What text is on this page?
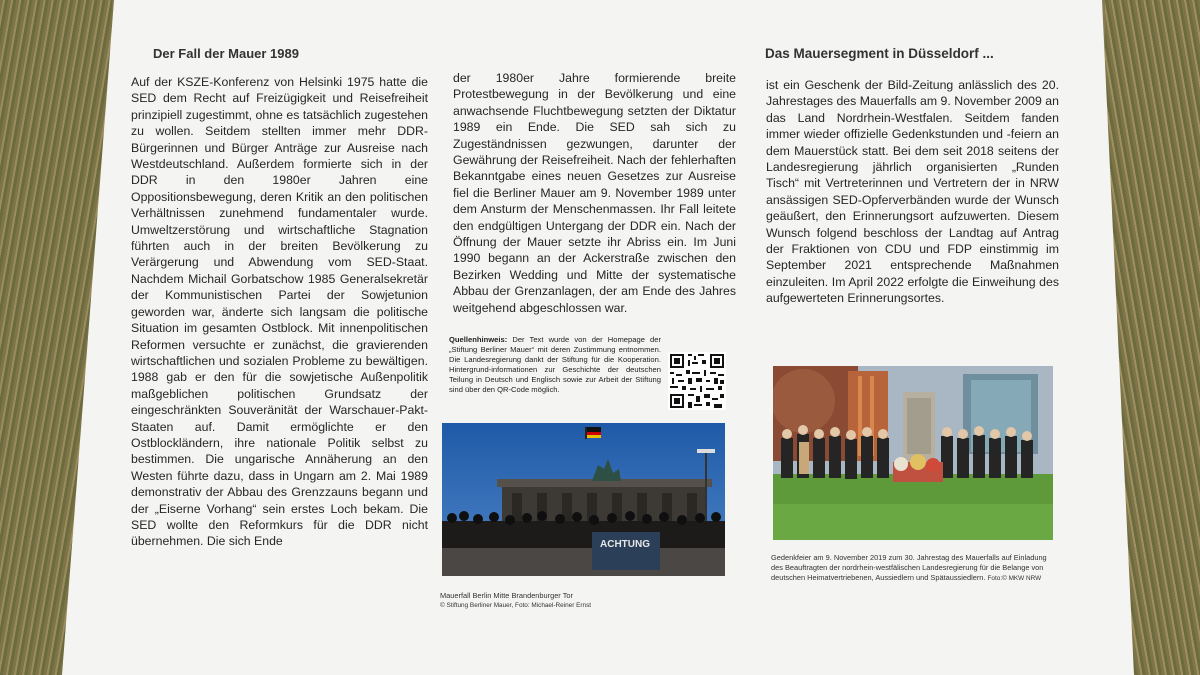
Der Fall der Mauer 1989

Auf der KSZE-Konferenz von Helsinki 1975 hatte die SED dem Recht auf Freizügigkeit und Reisefreiheit prinzipiell zugestimmt, ohne es tatsächlich zugestehen zu wollen. Seitdem stellten immer mehr DDR-Bürgerinnen und Bürger Anträge zur Ausreise nach Westdeutschland. Außerdem formierte sich in der DDR in den 1980er Jahren eine Oppositionsbewegung, deren Kritik an den politischen Verhältnissen zunehmend fundamentaler wurde. Umweltzerstörung und wirtschaftliche Stagnation führten auch in der breiten Bevölkerung zu Verärgerung und Abwendung vom SED-Staat. Nachdem Michail Gorbatschow 1985 Generalsekretär der Kommunistischen Partei der Sowjetunion geworden war, änderte sich langsam die politische Situation im gesamten Ostblock. Mit innenpolitischen Reformen versuchte er zunächst, die gravierenden wirtschaftlichen und sozialen Probleme zu bewältigen. 1988 gab er den für die sowjetische Außenpolitik maßgeblichen politischen Grundsatz der eingeschränkten Souveränität der Warschauer-Pakt-Staaten auf. Damit ermöglichte er den Ostblockländern, ihre nationale Politik selbst zu bestimmen. Die ungarische Annäherung an den Westen führte dazu, dass in Ungarn am 2. Mai 1989 demonstrativ der Abbau des Grenzzauns begann und der „Eiserne Vorhang“ sein erstes Loch bekam. Die SED wollte den Reformkurs für die DDR nicht übernehmen. Die sich Ende

der 1980er Jahre formierende breite Protestbewegung in der Bevölkerung und eine anwachsende Fluchtbewegung setzten der Diktatur 1989 ein Ende. Die SED sah sich zu Zugeständnissen gezwungen, darunter der Gewährung der Reisefreiheit. Nach der fehlerhaften Bekanntgabe eines neuen Gesetzes zur Ausreise fiel die Berliner Mauer am 9. November 1989 unter dem Ansturm der Menschenmassen. Ihr Fall leitete den endgültigen Untergang der DDR ein. Nach der Öffnung der Mauer setzte ihr Abriss ein. Im Juni 1990 begann an der Ackerstraße zwischen den Bezirken Wedding und Mitte der systematische Abbau der Grenzanlagen, der am Ende des Jahres weitgehend abgeschlossen war.

Quellenhinweis: Der Text wurde von der Homepage der „Stiftung Berliner Mauer“ mit deren Zustimmung entnommen. Die Landesregierung dankt der Stiftung für die Kooperation. Hintergrund-informationen zur Geschichte der deutschen Teilung in Deutsch und Englisch sowie zur Arbeit der Stiftung sind über den QR-Code möglich.
ACHTUNG
Mauerfall Berlin Mitte Brandenburger Tor
© Stiftung Berliner Mauer, Foto: Michael-Reiner Ernst
Das Mauersegment in Düsseldorf ...

ist ein Geschenk der Bild-Zeitung anlässlich des 20. Jahrestages des Mauerfalls am 9. November 2009 an das Land Nordrhein-Westfalen. Seitdem fanden immer wieder offizielle Gedenkstunden und -feiern an dem Mauerstück statt. Bei dem seit 2018 seitens der Landesregierung jährlich organisierten „Runden Tisch“ mit Vertreterinnen und Vertretern der in NRW ansässigen SED-Opferverbänden wurde der Wunsch geäußert, den Erinnerungsort aufzuwerten. Diesem Wunsch folgend beschloss der Landtag auf Antrag der Fraktionen von CDU und FDP einstimmig im September 2021 entsprechende Maßnahmen einzuleiten. Im April 2022 erfolgte die Einweihung des aufgewerteten Erinnerungsortes.

Gedenkfeier am 9. November 2019 zum 30. Jahrestag des Mauerfalls auf Einladung des Beauftragten der nordrhein-westfälischen Landesregierung für die Belange von deutschen Heimatvertriebenen, Aussiedlern und Spätaussiedlern. Foto:© MKW NRW
